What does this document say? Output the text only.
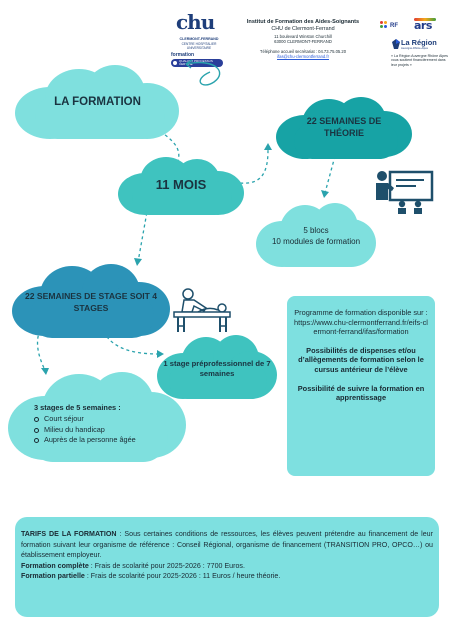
chu
CLERMONT-FERRAND
CENTRE HOSPITALIER UNIVERSITAIRE
formation
QUALIOPI PROCESSUS CERTIFIÉ
Institut de Formation des Aides-Soignants
CHU de Clermont-Ferrand
11 boulevard Winston Churchill
63000 CLERMONT-FERRAND
Téléphone accueil secrétariat : 04.73.75.05.20
ifas@chu-clermontferrand.fr
RF ars
La Région
Auvergne-Rhône-Alpes
« La Région Auvergne Rhône Alpes vous soutient financièrement dans leur projets »
LA FORMATION
22 SEMAINES DE THÉORIE
11 MOIS
5 blocs
10 modules de formation
22 SEMAINES DE STAGE SOIT 4 STAGES
1 stage préprofessionnel de 7 semaines
3 stages de 5 semaines :
Court séjour
Milieu du handicap
Auprès de la personne âgée

Programme de formation disponible sur :

https://www.chu-clermontferrand.fr/eifs-clermont-ferrand/ifas/formation

Possibilités de dispenses et/ou d’allègements de formation selon le cursus antérieur de l’élève

Possibilité de suivre la formation en apprentissage

TARIFS DE LA FORMATION : Sous certaines conditions de ressources, les élèves peuvent prétendre au financement de leur formation suivant leur organisme de référence : Conseil Régional, organisme de financement (TRANSITION PRO, OPCO…) ou établissement employeur.

Formation complète : Frais de scolarité pour 2025-2026 : 7700 Euros.

Formation partielle : Frais de scolarité pour 2025-2026 : 11 Euros / heure théorie.
